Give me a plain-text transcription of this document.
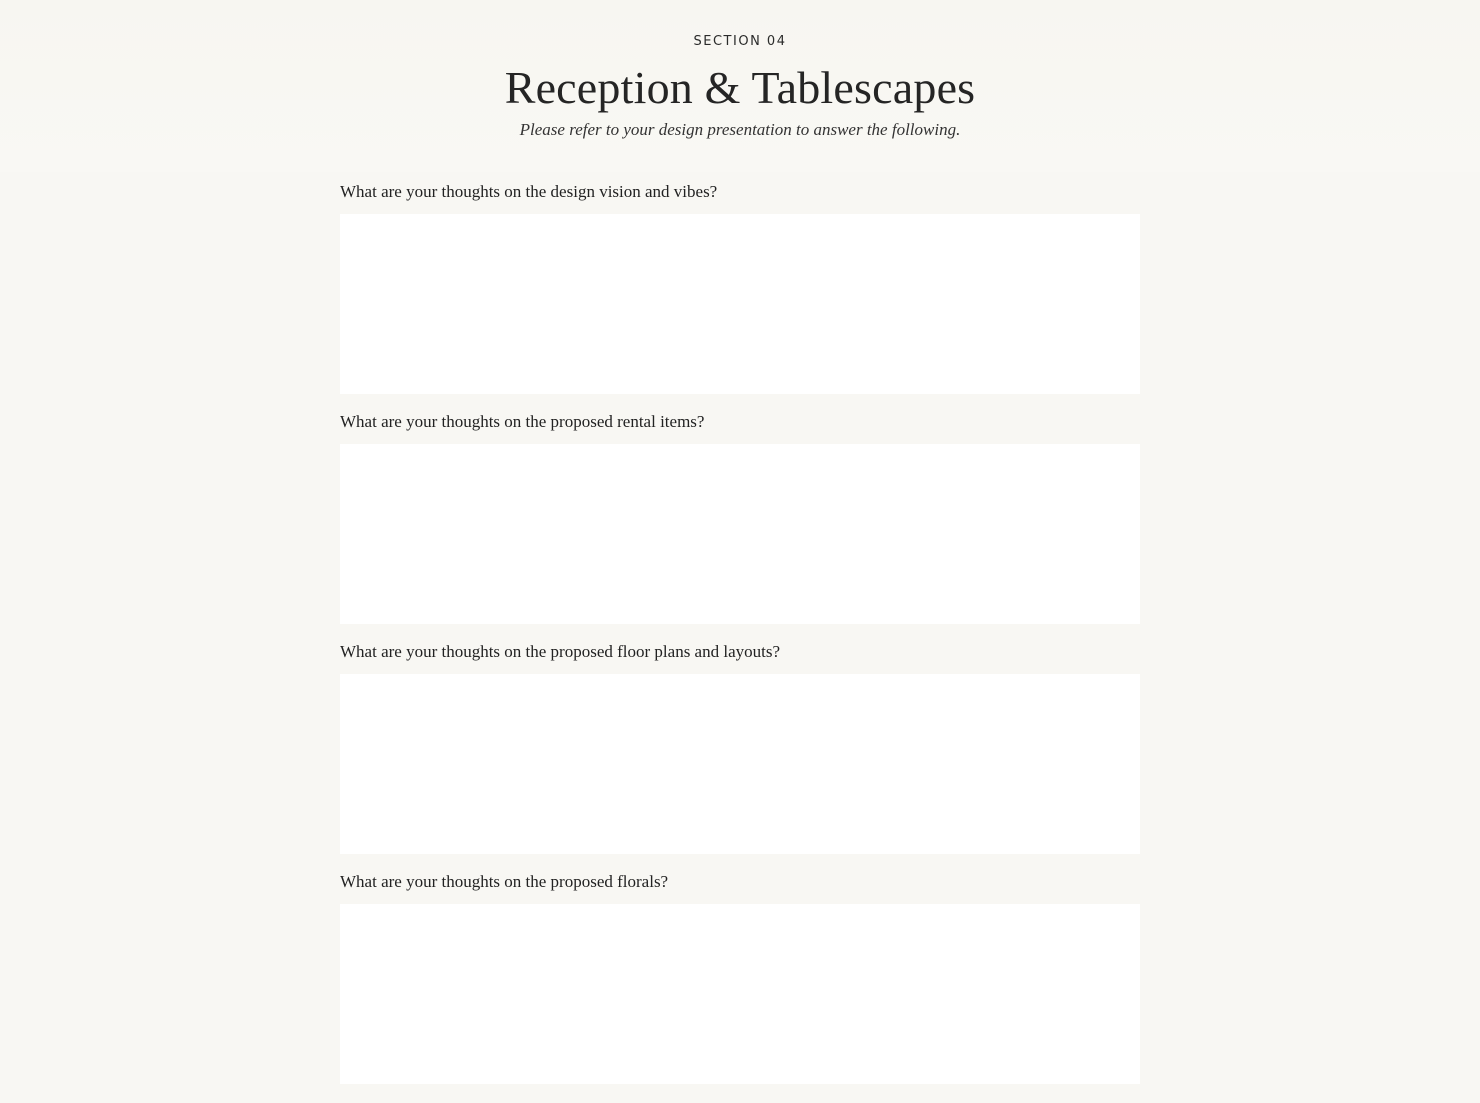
SECTION 04
Reception & Tablescapes
Please refer to your design presentation to answer the following.
What are your thoughts on the design vision and vibes?
What are your thoughts on the proposed rental items?
What are your thoughts on the proposed floor plans and layouts?
What are your thoughts on the proposed florals?
